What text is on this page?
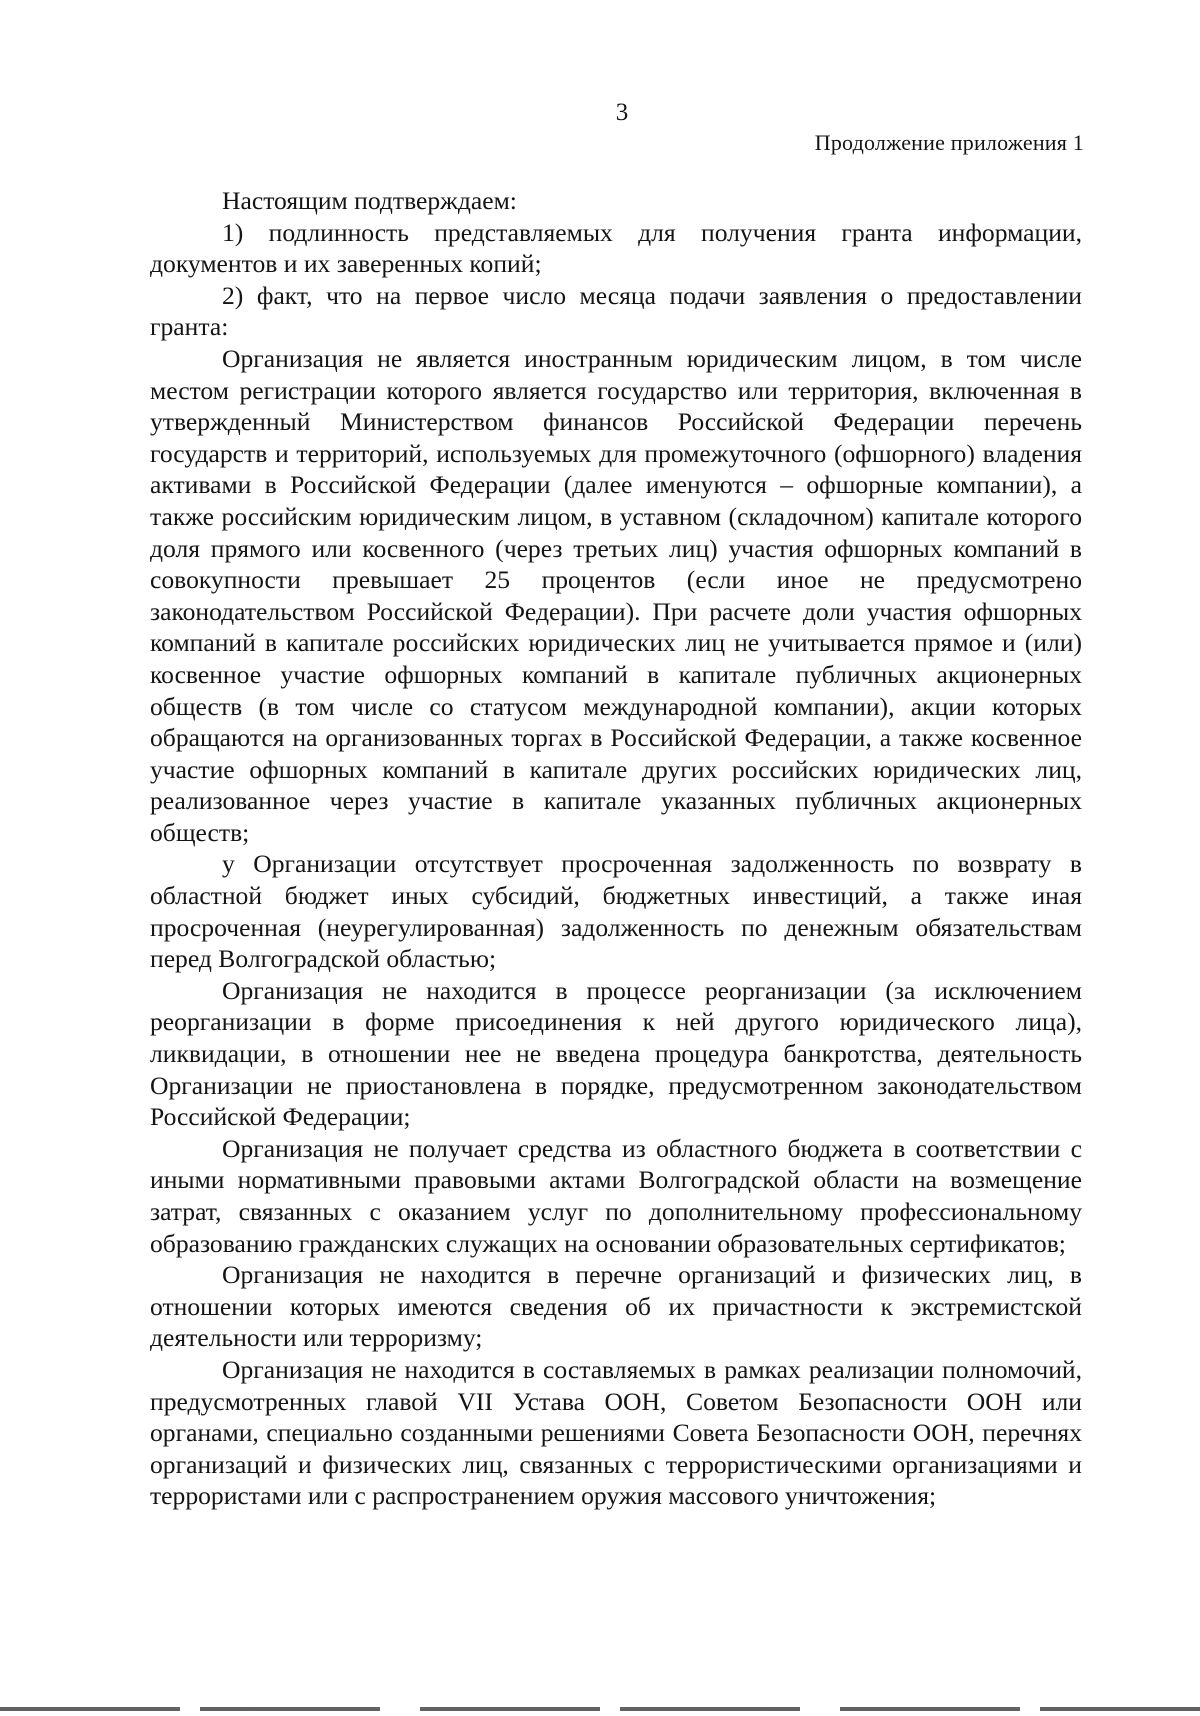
3
Продолжение приложения 1

Настоящим подтверждаем:

1) подлинность представляемых для получения гранта информации, документов и их заверенных копий;

2) факт, что на первое число месяца подачи заявления о предоставлении гранта:

Организация не является иностранным юридическим лицом, в том числе местом регистрации которого является государство или территория, включенная в утвержденный Министерством финансов Российской Федерации перечень государств и территорий, используемых для промежуточного (офшорного) владения активами в Российской Федерации (далее именуются – офшорные компании), а также российским юридическим лицом, в уставном (складочном) капитале которого доля прямого или косвенного (через третьих лиц) участия офшорных компаний в совокупности превышает 25 процентов (если иное не предусмотрено законодательством Российской Федерации). При расчете доли участия офшорных компаний в капитале российских юридических лиц не учитывается прямое и (или) косвенное участие офшорных компаний в капитале публичных акционерных обществ (в том числе со статусом международной компании), акции которых обращаются на организованных торгах в Российской Федерации, а также косвенное участие офшорных компаний в капитале других российских юридических лиц, реализованное через участие в капитале указанных публичных акционерных обществ;

у Организации отсутствует просроченная задолженность по возврату в областной бюджет иных субсидий, бюджетных инвестиций, а также иная просроченная (неурегулированная) задолженность по денежным обязательствам перед Волгоградской областью;

Организация не находится в процессе реорганизации (за исключением реорганизации в форме присоединения к ней другого юридического лица), ликвидации, в отношении нее не введена процедура банкротства, деятельность Организации не приостановлена в порядке, предусмотренном законодательством Российской Федерации;

Организация не получает средства из областного бюджета в соответствии с иными нормативными правовыми актами Волгоградской области на возмещение затрат, связанных с оказанием услуг по дополнительному профессиональному образованию гражданских служащих на основании образовательных сертификатов;

Организация не находится в перечне организаций и физических лиц, в отношении которых имеются сведения об их причастности к экстремистской деятельности или терроризму;

Организация не находится в составляемых в рамках реализации полномочий, предусмотренных главой VII Устава ООН, Советом Безопасности ООН или органами, специально созданными решениями Совета Безопасности ООН, перечнях организаций и физических лиц, связанных с террористическими организациями и террористами или с распространением оружия массового уничтожения;
